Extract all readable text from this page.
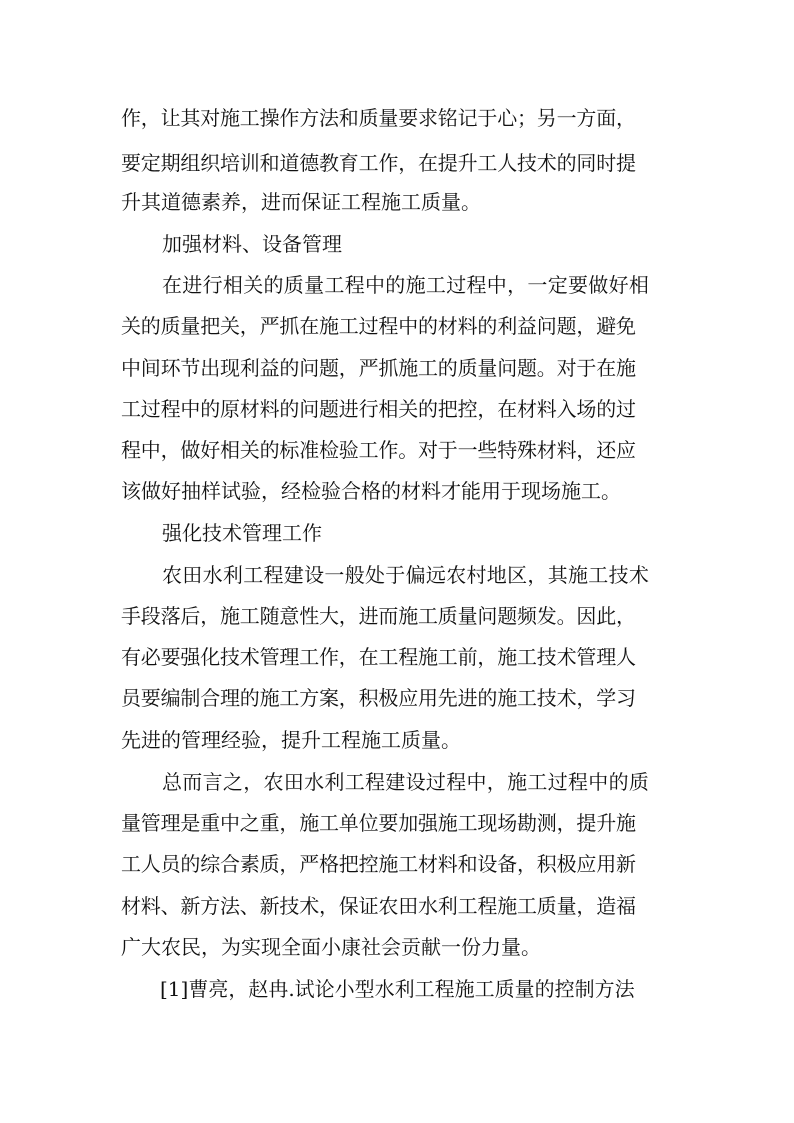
作，让其对施工操作方法和质量要求铭记于心；另一方面，
要定期组织培训和道德教育工作，在提升工人技术的同时提
升其道德素养，进而保证工程施工质量。
加强材料、设备管理
在进行相关的质量工程中的施工过程中，一定要做好相
关的质量把关，严抓在施工过程中的材料的利益问题，避免
中间环节出现利益的问题，严抓施工的质量问题。对于在施
工过程中的原材料的问题进行相关的把控，在材料入场的过
程中，做好相关的标准检验工作。对于一些特殊材料，还应
该做好抽样试验，经检验合格的材料才能用于现场施工。
强化技术管理工作
农田水利工程建设一般处于偏远农村地区，其施工技术
手段落后，施工随意性大，进而施工质量问题频发。因此，
有必要强化技术管理工作，在工程施工前，施工技术管理人
员要编制合理的施工方案，积极应用先进的施工技术，学习
先进的管理经验，提升工程施工质量。
总而言之，农田水利工程建设过程中，施工过程中的质
量管理是重中之重，施工单位要加强施工现场勘测，提升施
工人员的综合素质，严格把控施工材料和设备，积极应用新
材料、新方法、新技术，保证农田水利工程施工质量，造福
广大农民，为实现全面小康社会贡献一份力量。
[1]曹亮，赵冉.试论小型水利工程施工质量的控制方法
